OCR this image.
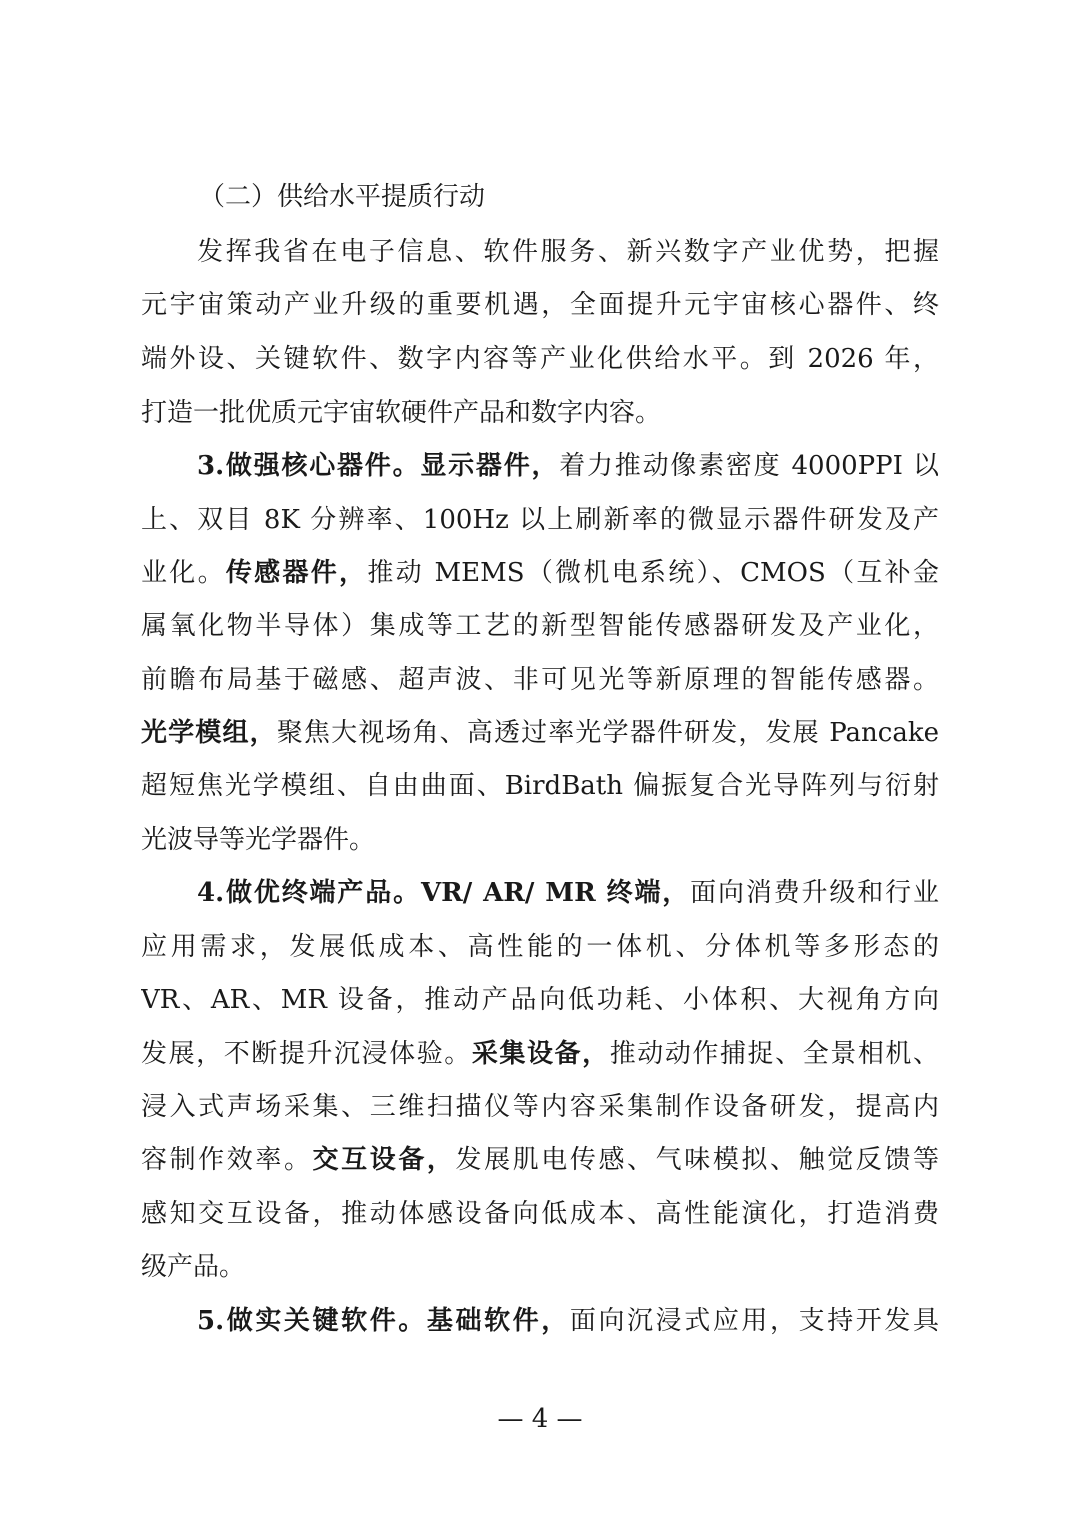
（二）供给水平提质行动
发挥我省在电子信息、软件服务、新兴数字产业优势，把握
元宇宙策动产业升级的重要机遇，全面提升元宇宙核心器件、终
端外设、关键软件、数字内容等产业化供给水平。到 2026 年，
打造一批优质元宇宙软硬件产品和数字内容。
3.做强核心器件。显示器件，着力推动像素密度 4000PPI 以
上、双目 8K 分辨率、100Hz 以上刷新率的微显示器件研发及产
业化。传感器件，推动 MEMS（微机电系统）、CMOS（互补金
属氧化物半导体）集成等工艺的新型智能传感器研发及产业化，
前瞻布局基于磁感、超声波、非可见光等新原理的智能传感器。
光学模组，聚焦大视场角、高透过率光学器件研发，发展 Pancake
超短焦光学模组、自由曲面、BirdBath 偏振复合光导阵列与衍射
光波导等光学器件。
4.做优终端产品。VR/ AR/ MR 终端，面向消费升级和行业
应用需求，发展低成本、高性能的一体机、分体机等多形态的
VR、AR、MR 设备，推动产品向低功耗、小体积、大视角方向
发展，不断提升沉浸体验。采集设备，推动动作捕捉、全景相机、
浸入式声场采集、三维扫描仪等内容采集制作设备研发，提高内
容制作效率。交互设备，发展肌电传感、气味模拟、触觉反馈等
感知交互设备，推动体感设备向低成本、高性能演化，打造消费
级产品。
5.做实关键软件。基础软件，面向沉浸式应用，支持开发具
— 4 —
